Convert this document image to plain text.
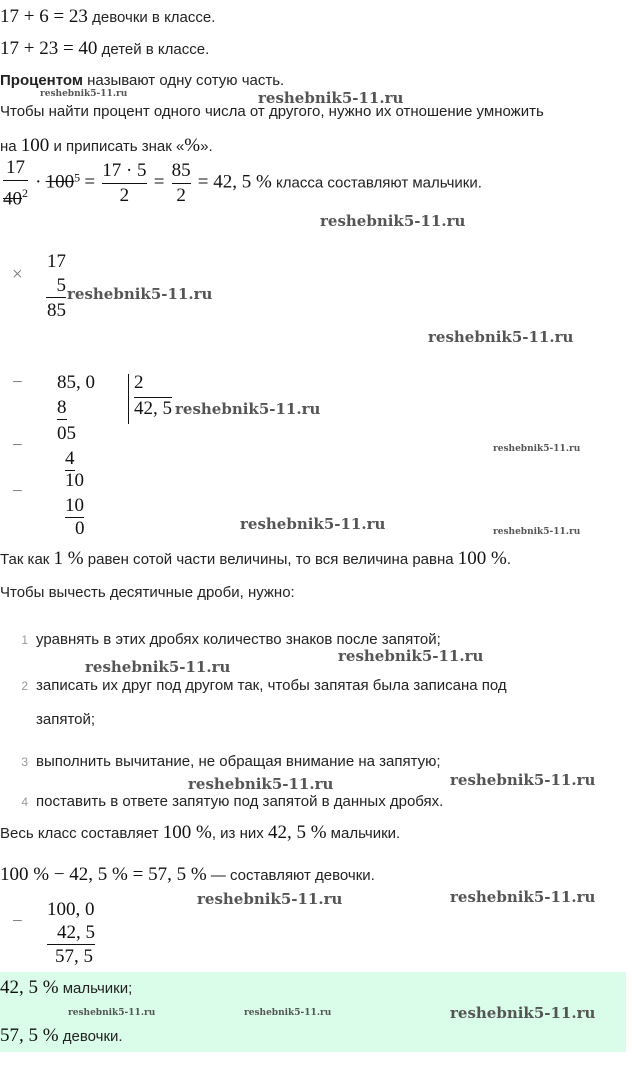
17 + 6 = 23 девочки в классе.
17 + 23 = 40 детей в классе.
Процентом называют одну сотую часть.
reshebnik5-11.ru	reshebnik5-11.ru
Чтобы найти процент одного числа от другого, нужно их отношение умножить
на 100 и приписать знак «%».
$\frac{17}{40^2} \cdot 100^5 = \frac{17 \cdot 5}{2} = \frac{85}{2} = 42$, 5 % класса составляют мальчики.
reshebnik5-11.ru
×
17
5
85
reshebnik5-11.ru
reshebnik5-11.ru
− 85, 0 2
42, 5 reshebnik5-11.ru
8
−
05
4
−
10
10
0
reshebnik5-11.ru
reshebnik5-11.ru	reshebnik5-11.ru
Так как 1 % равен сотой части величины, то вся величина равна 100 %.
Чтобы вычесть десятичные дроби, нужно:
1 уравнять в этих дробях количество знаков после запятой;
reshebnik5-11.ru
reshebnik5-11.ru
2 записать их друг под другом так, чтобы запятая была записана под
запятой;
3 выполнить вычитание, не обращая внимание на запятую;
reshebnik5-11.ru	reshebnik5-11.ru
4 поставить в ответе запятую под запятой в данных дробях.
Весь класс составляет 100 %, из них 42, 5 % мальчики.
100 % − 42, 5 % = 57, 5 % — составляют девочки.
−
100, 0
42, 5
57, 5
reshebnik5-11.ru	reshebnik5-11.ru
42, 5 % мальчики;
reshebnik5-11.ru	reshebnik5-11.ru	reshebnik5-11.ru
57, 5 % девочки.
